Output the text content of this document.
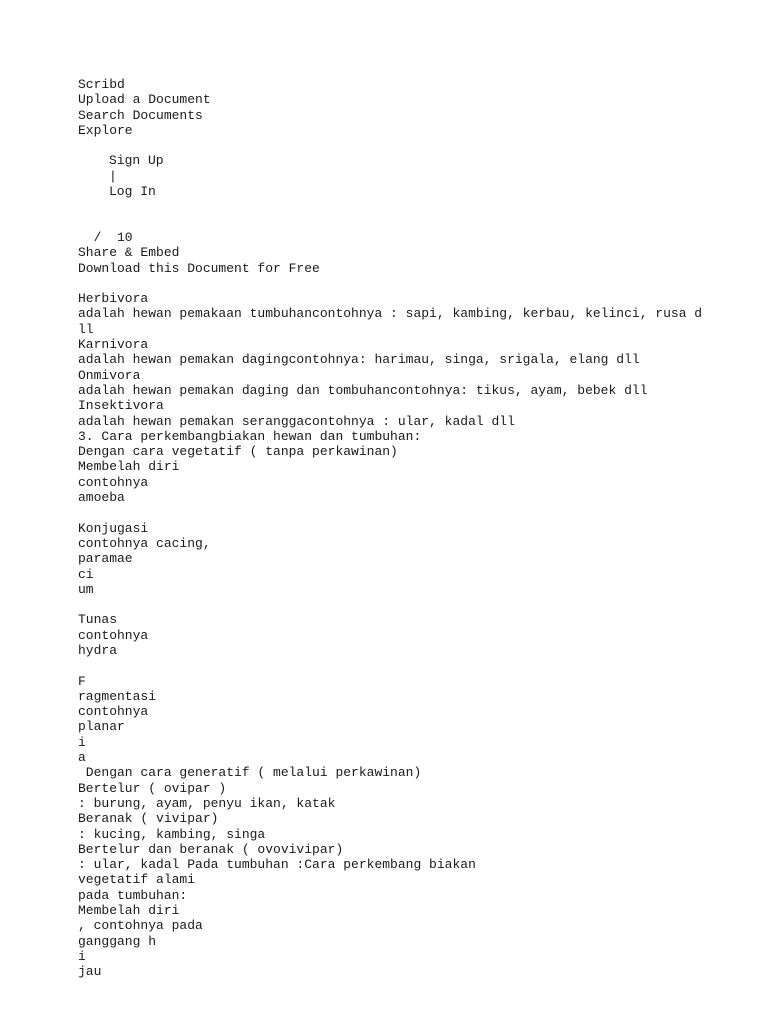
Scribd
Upload a Document
Search Documents
Explore
Sign Up
|
Log In
/  10
Share & Embed
Download this Document for Free
Herbivora
adalah hewan pemakaan tumbuhancontohnya : sapi, kambing, kerbau, kelinci, rusa d
ll
Karnivora
adalah hewan pemakan dagingcontohnya: harimau, singa, srigala, elang dll
Onmivora
adalah hewan pemakan daging dan tombuhancontohnya: tikus, ayam, bebek dll
Insektivora
adalah hewan pemakan seranggacontohnya : ular, kadal dll
3. Cara perkembangbiakan hewan dan tumbuhan:
Dengan cara vegetatif ( tanpa perkawinan)
Membelah diri
contohnya
amoeba
Konjugasi
contohnya cacing,
paramae
ci
um
Tunas
contohnya
hydra
F
ragmentasi
contohnya
planar
i
a
Dengan cara generatif ( melalui perkawinan)
Bertelur ( ovipar )
: burung, ayam, penyu ikan, katak
Beranak ( vivipar)
: kucing, kambing, singa
Bertelur dan beranak ( ovovivipar)
: ular, kadal Pada tumbuhan :Cara perkembang biakan
vegetatif alami
pada tumbuhan:
Membelah diri
, contohnya pada
ganggang h
i
jau
